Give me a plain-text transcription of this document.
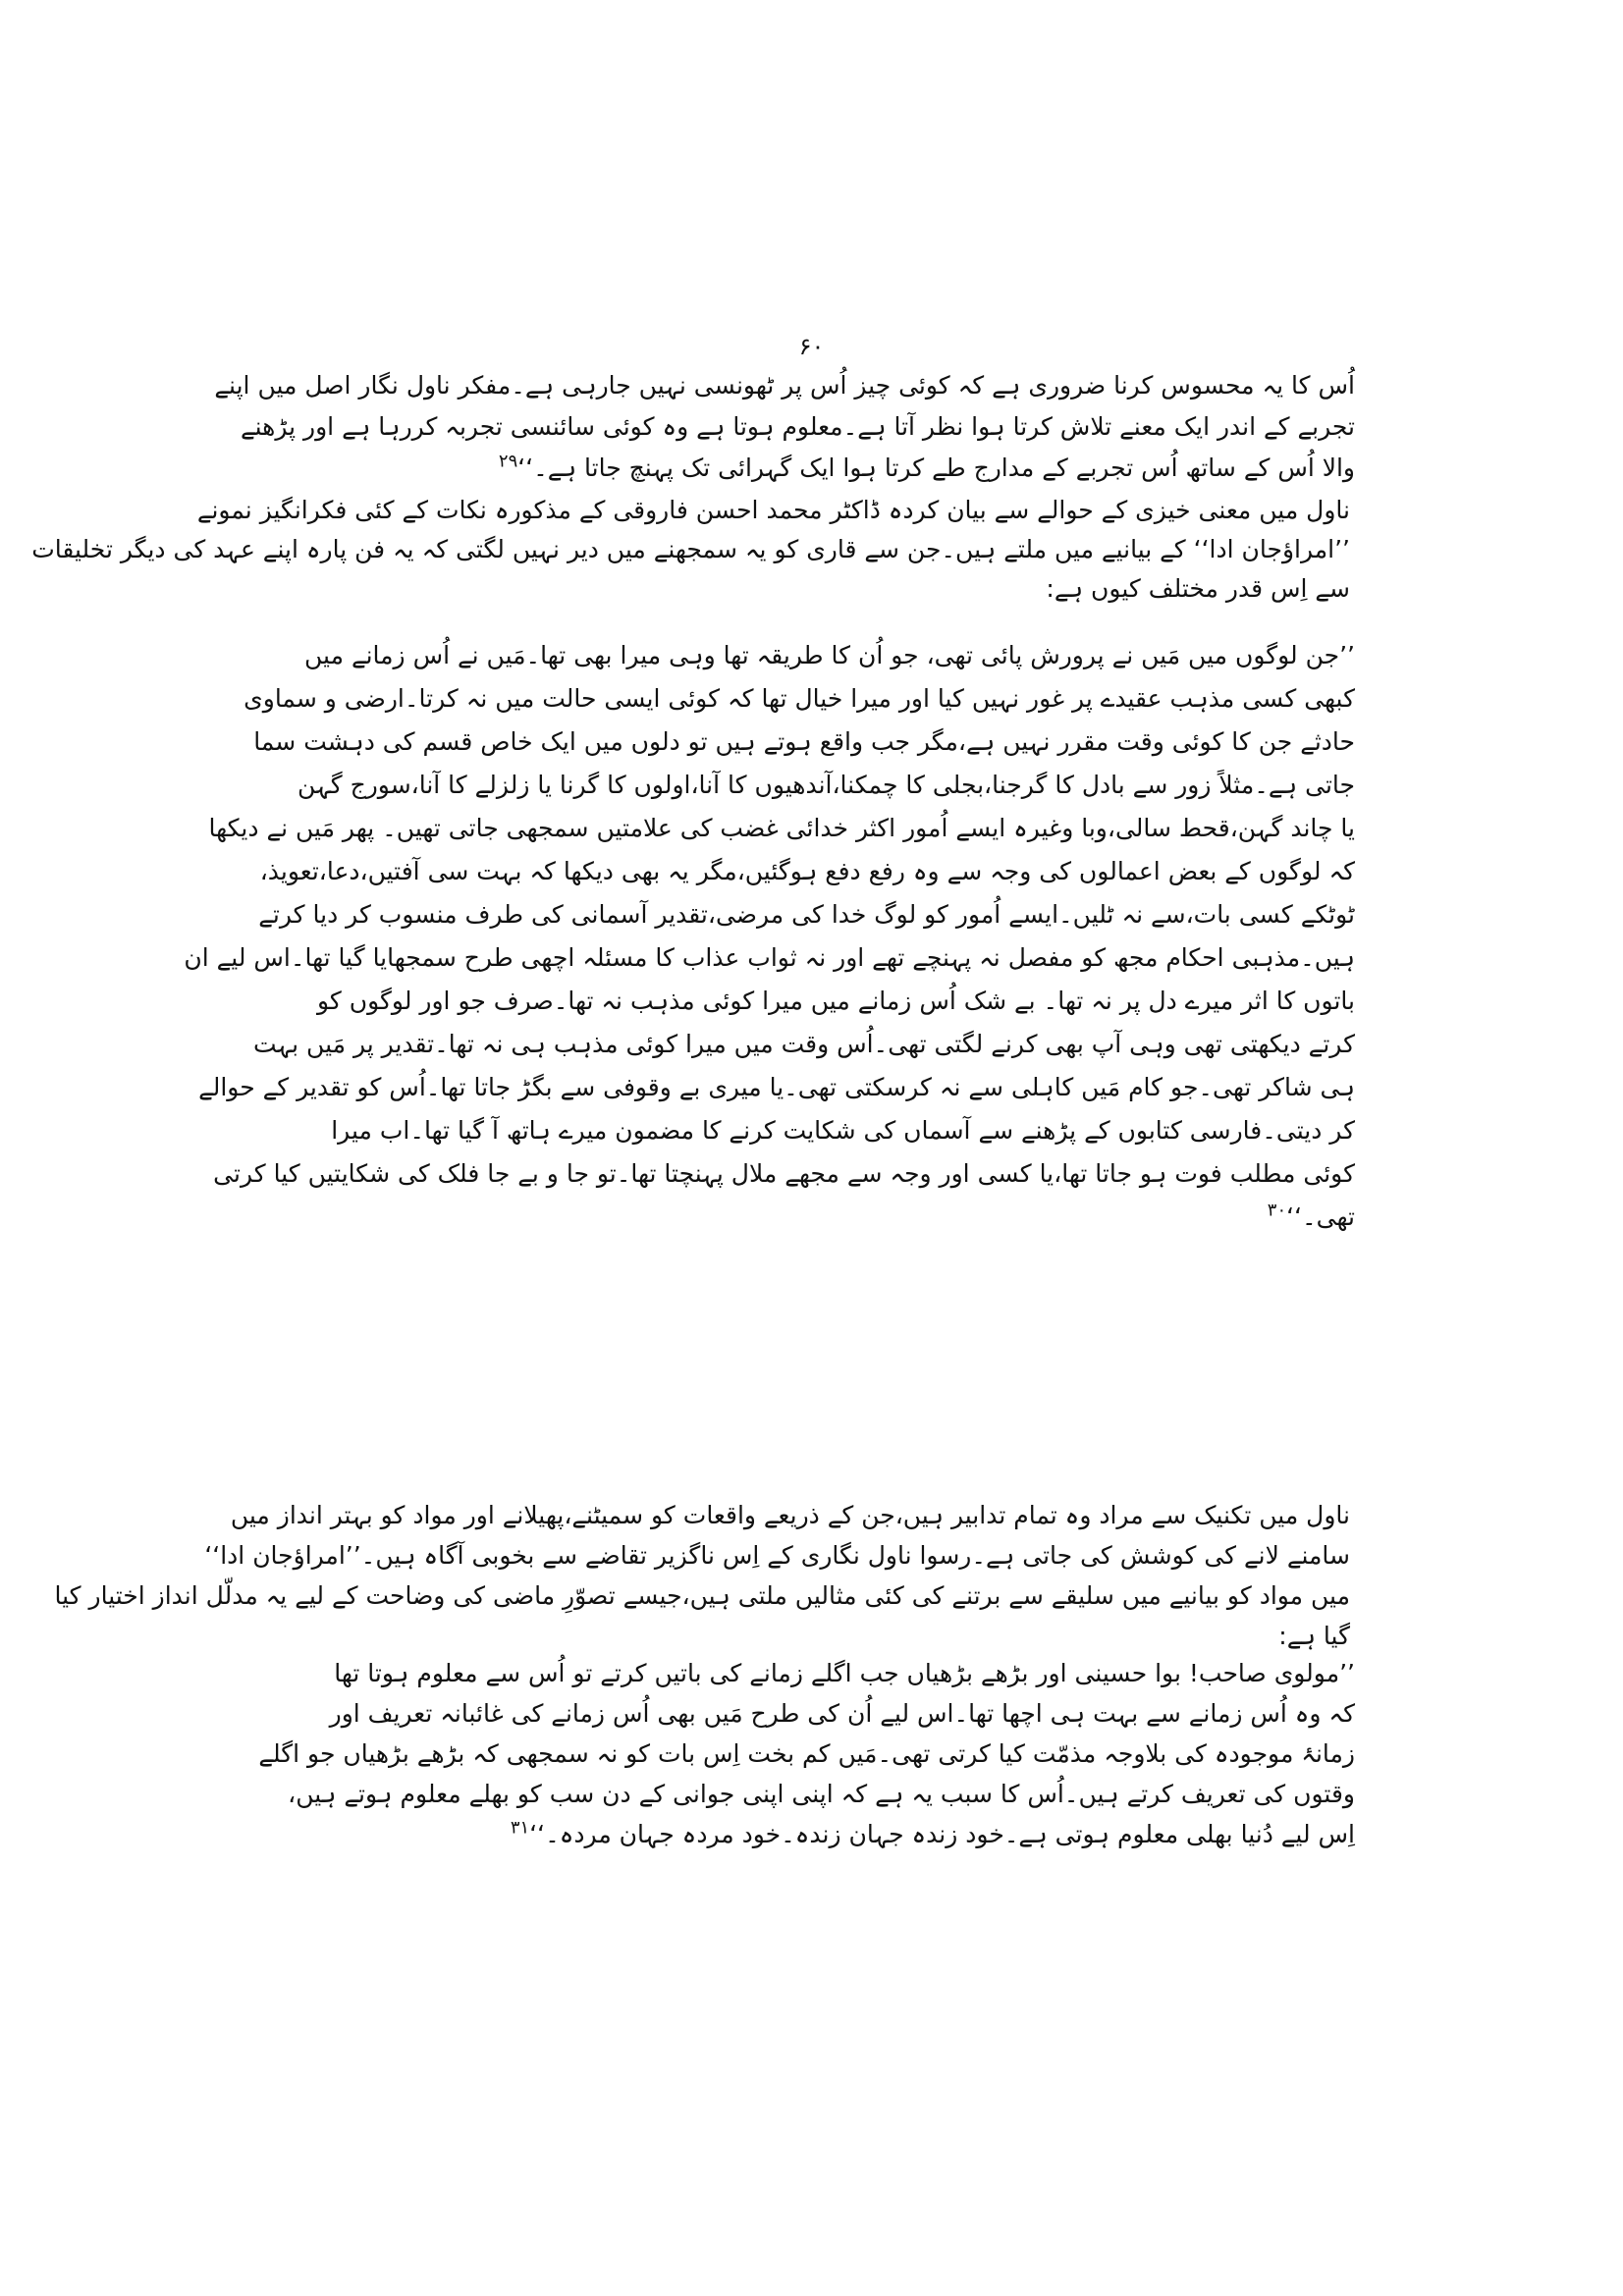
۶۰
اُس کا یہ محسوس کرنا ضروری ہے کہ کوئی چیز اُس پر ٹھونسی نہیں جارہی ہے۔مفکر ناول نگار اصل میں اپنے
تجربے کے اندر ایک معنے تلاش کرتا ہوا نظر آتا ہے۔معلوم ہوتا ہے وہ کوئی سائنسی تجربہ کررہا ہے اور پڑھنے
والا اُس کے ساتھ اُس تجربے کے مدارج طے کرتا ہوا ایک گہرائی تک پہنچ جاتا ہے۔‘‘$^{۲۹}$
ناول میں معنی خیزی کے حوالے سے بیان کردہ ڈاکٹر محمد احسن فاروقی کے مذکورہ نکات کے کئی فکرانگیز نمونے
’’امراؤجان ادا‘‘ کے بیانیے میں ملتے ہیں۔جن سے قاری کو یہ سمجھنے میں دیر نہیں لگتی کہ یہ فن پارہ اپنے عہد کی دیگر تخلیقات
سے اِس قدر مختلف کیوں ہے:
’’جن لوگوں میں مَیں نے پرورش پائی تھی، جو اُن کا طریقہ تھا وہی میرا بھی تھا۔مَیں نے اُس زمانے میں
کبھی کسی مذہب عقیدے پر غور نہیں کیا اور میرا خیال تھا کہ کوئی ایسی حالت میں نہ کرتا۔ارضی و سماوی
حادثے جن کا کوئی وقت مقرر نہیں ہے،مگر جب واقع ہوتے ہیں تو دلوں میں ایک خاص قسم کی دہشت سما
جاتی ہے۔مثلاً زور سے بادل کا گرجنا،بجلی کا چمکنا،آندھیوں کا آنا،اولوں کا گرنا یا زلزلے کا آنا،سورج گہن
یا چاند گہن،قحط سالی،وبا وغیرہ ایسے اُمور اکثر خدائی غضب کی علامتیں سمجھی جاتی تھیں۔ پھر مَیں نے دیکھا
کہ لوگوں کے بعض اعمالوں کی وجہ سے وہ رفع دفع ہوگئیں،مگر یہ بھی دیکھا کہ بہت سی آفتیں،دعا،تعویذ،
ٹوٹکے کسی بات،سے نہ ٹلیں۔ایسے اُمور کو لوگ خدا کی مرضی،تقدیر آسمانی کی طرف منسوب کر دیا کرتے
ہیں۔مذہبی احکام مجھ کو مفصل نہ پہنچے تھے اور نہ ثواب عذاب کا مسئلہ اچھی طرح سمجھایا گیا تھا۔اس لیے ان
باتوں کا اثر میرے دل پر نہ تھا۔ بے شک اُس زمانے میں میرا کوئی مذہب نہ تھا۔صرف جو اور لوگوں کو
کرتے دیکھتی تھی وہی آپ بھی کرنے لگتی تھی۔اُس وقت میں میرا کوئی مذہب ہی نہ تھا۔تقدیر پر مَیں بہت
ہی شاکر تھی۔جو کام مَیں کاہلی سے نہ کرسکتی تھی۔یا میری بے وقوفی سے بگڑ جاتا تھا۔اُس کو تقدیر کے حوالے
کر دیتی۔فارسی کتابوں کے پڑھنے سے آسماں کی شکایت کرنے کا مضمون میرے ہاتھ آ گیا تھا۔اب میرا
کوئی مطلب فوت ہو جاتا تھا،یا کسی اور وجہ سے مجھے ملال پہنچتا تھا۔تو جا و بے جا فلک کی شکایتیں کیا کرتی
تھی۔‘‘$^{۳۰}$
ناول میں تکنیک سے مراد وہ تمام تدابیر ہیں،جن کے ذریعے واقعات کو سمیٹنے،پھیلانے اور مواد کو بہتر انداز میں
سامنے لانے کی کوشش کی جاتی ہے۔رسوا ناول نگاری کے اِس ناگزیر تقاضے سے بخوبی آگاہ ہیں۔’’امراؤجان ادا‘‘
میں مواد کو بیانیے میں سلیقے سے برتنے کی کئی مثالیں ملتی ہیں،جیسے تصوّرِ ماضی کی وضاحت کے لیے یہ مدلّل انداز اختیار کیا
گیا ہے:
’’مولوی صاحب! بوا حسینی اور بڑھے بڑھیاں جب اگلے زمانے کی باتیں کرتے تو اُس سے معلوم ہوتا تھا
کہ وہ اُس زمانے سے بہت ہی اچھا تھا۔اس لیے اُن کی طرح مَیں بھی اُس زمانے کی غائبانہ تعریف اور
زمانۂ موجودہ کی بلاوجہ مذمّت کیا کرتی تھی۔مَیں کم بخت اِس بات کو نہ سمجھی کہ بڑھے بڑھیاں جو اگلے
وقتوں کی تعریف کرتے ہیں۔اُس کا سبب یہ ہے کہ اپنی اپنی جوانی کے دن سب کو بھلے معلوم ہوتے ہیں،
اِس لیے دُنیا بھلی معلوم ہوتی ہے۔خود زندہ جہان زندہ۔خود مردہ جہان مردہ۔‘‘$^{۳۱}$
